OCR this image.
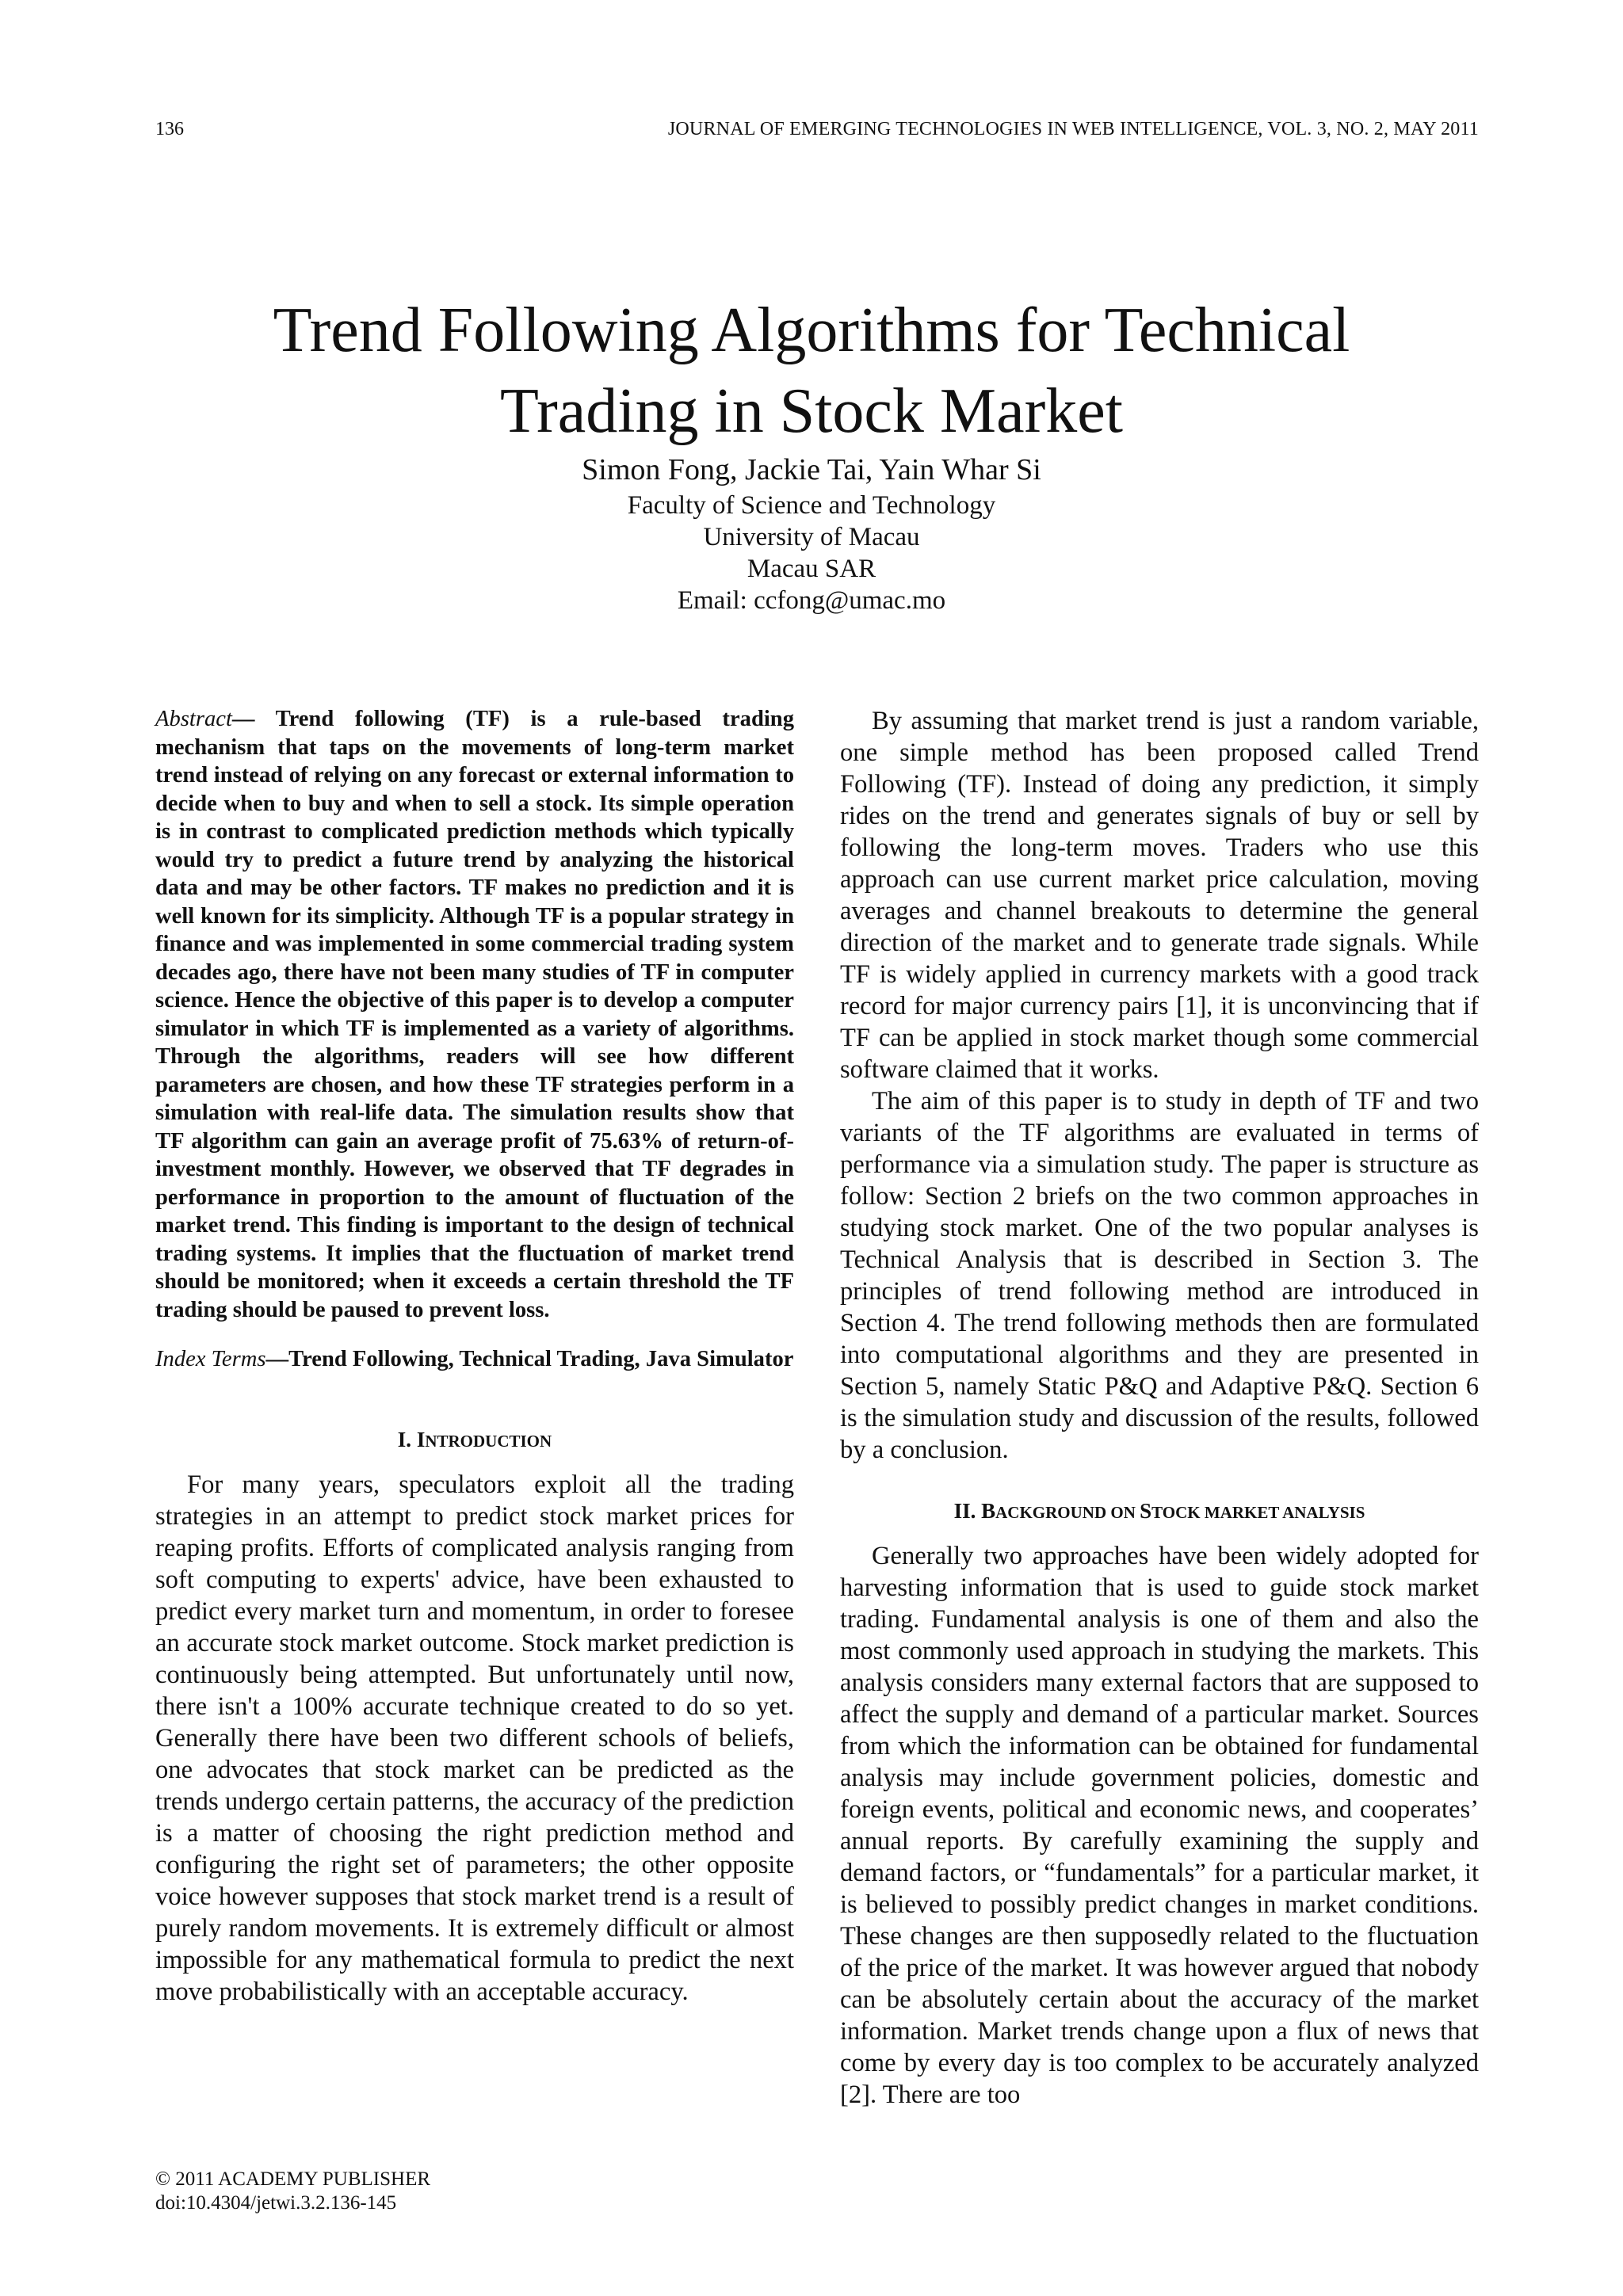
136	JOURNAL OF EMERGING TECHNOLOGIES IN WEB INTELLIGENCE, VOL. 3, NO. 2, MAY 2011
Trend Following Algorithms for Technical
Trading in Stock Market
Simon Fong, Jackie Tai, Yain Whar Si
Faculty of Science and Technology
University of Macau
Macau SAR
Email: ccfong@umac.mo

Abstract— Trend following (TF) is a rule-based trading mechanism that taps on the movements of long-term market trend instead of relying on any forecast or external information to decide when to buy and when to sell a stock. Its simple operation is in contrast to complicated prediction methods which typically would try to predict a future trend by analyzing the historical data and may be other factors. TF makes no prediction and it is well known for its simplicity. Although TF is a popular strategy in finance and was implemented in some commercial trading system decades ago, there have not been many studies of TF in computer science. Hence the objective of this paper is to develop a computer simulator in which TF is implemented as a variety of algorithms. Through the algorithms, readers will see how different parameters are chosen, and how these TF strategies perform in a simulation with real-life data. The simulation results show that TF algorithm can gain an average profit of 75.63% of return-of-investment monthly. However, we observed that TF degrades in performance in proportion to the amount of fluctuation of the market trend. This finding is important to the design of technical trading systems. It implies that the fluctuation of market trend should be monitored; when it exceeds a certain threshold the TF trading should be paused to prevent loss.

Index Terms—Trend Following, Technical Trading, Java Simulator

I. INTRODUCTION

For many years, speculators exploit all the trading strategies in an attempt to predict stock market prices for reaping profits. Efforts of complicated analysis ranging from soft computing to experts' advice, have been exhausted to predict every market turn and momentum, in order to foresee an accurate stock market outcome. Stock market prediction is continuously being attempted. But unfortunately until now, there isn't a 100% accurate technique created to do so yet. Generally there have been two different schools of beliefs, one advocates that stock market can be predicted as the trends undergo certain patterns, the accuracy of the prediction is a matter of choosing the right prediction method and configuring the right set of parameters; the other opposite voice however supposes that stock market trend is a result of purely random movements. It is extremely difficult or almost impossible for any mathematical formula to predict the next move probabilistically with an acceptable accuracy.

By assuming that market trend is just a random variable, one simple method has been proposed called Trend Following (TF). Instead of doing any prediction, it simply rides on the trend and generates signals of buy or sell by following the long-term moves. Traders who use this approach can use current market price calculation, moving averages and channel breakouts to determine the general direction of the market and to generate trade signals. While TF is widely applied in currency markets with a good track record for major currency pairs [1], it is unconvincing that if TF can be applied in stock market though some commercial software claimed that it works.

The aim of this paper is to study in depth of TF and two variants of the TF algorithms are evaluated in terms of performance via a simulation study. The paper is structure as follow: Section 2 briefs on the two common approaches in studying stock market. One of the two popular analyses is Technical Analysis that is described in Section 3. The principles of trend following method are introduced in Section 4. The trend following methods then are formulated into computational algorithms and they are presented in Section 5, namely Static P&Q and Adaptive P&Q. Section 6 is the simulation study and discussion of the results, followed by a conclusion.

II. BACKGROUND ON STOCK MARKET ANALYSIS

Generally two approaches have been widely adopted for harvesting information that is used to guide stock market trading. Fundamental analysis is one of them and also the most commonly used approach in studying the markets. This analysis considers many external factors that are supposed to affect the supply and demand of a particular market. Sources from which the information can be obtained for fundamental analysis may include government policies, domestic and foreign events, political and economic news, and cooperates’ annual reports. By carefully examining the supply and demand factors, or “fundamentals” for a particular market, it is believed to possibly predict changes in market conditions. These changes are then supposedly related to the fluctuation of the price of the market. It was however argued that nobody can be absolutely certain about the accuracy of the market information. Market trends change upon a flux of news that come by every day is too complex to be accurately analyzed [2]. There are too

© 2011 ACADEMY PUBLISHER
doi:10.4304/jetwi.3.2.136-145
